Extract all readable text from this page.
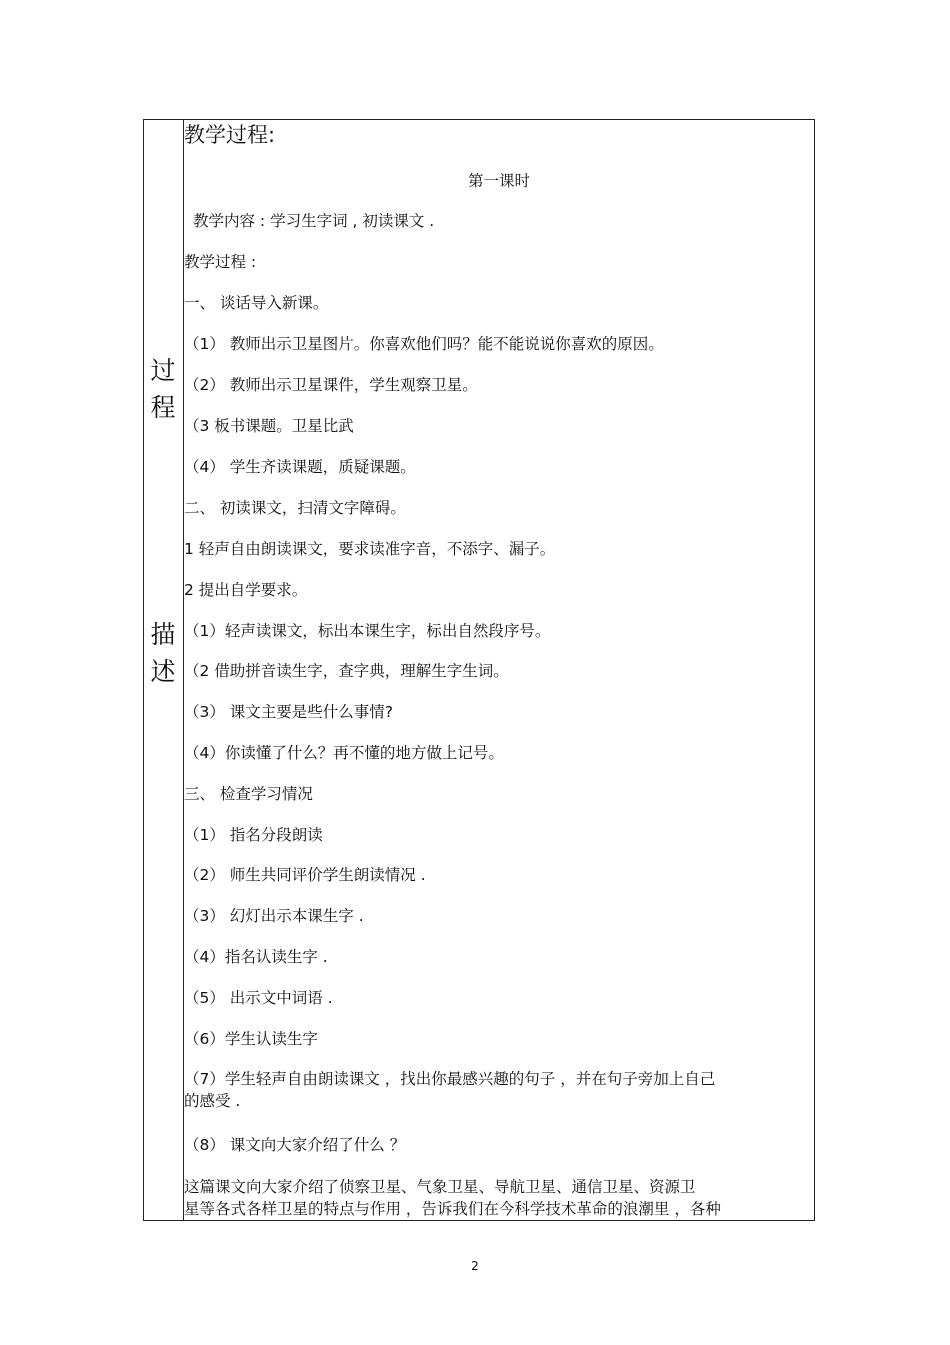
过
程
描
述
教学过程:
第一课时
教学内容 : 学习生字词 , 初读课文 .
教学过程 :
一、 谈话导入新课。
（1） 教师出示卫星图片。你喜欢他们吗？能不能说说你喜欢的原因。
（2） 教师出示卫星课件，学生观察卫星。
（3 板书课题。卫星比武
（4） 学生齐读课题，质疑课题。
二、 初读课文，扫清文字障碍。
1 轻声自由朗读课文，要求读准字音，不添字、漏子。
2 提出自学要求。
（1）轻声读课文，标出本课生字，标出自然段序号。
（2 借助拼音读生字，查字典，理解生字生词。
（3） 课文主要是些什么事情?
（4）你读懂了什么？再不懂的地方做上记号。
三、 检查学习情况
（1） 指名分段朗读
（2） 师生共同评价学生朗读情况 .
（3） 幻灯出示本课生字 .
（4）指名认读生字 .
（5） 出示文中词语 .
（6）学生认读生字
（7）学生轻声自由朗读课文 ，找出你最感兴趣的句子 ，并在句子旁加上自己
的感受 .
（8） 课文向大家介绍了什么 ？
这篇课文向大家介绍了侦察卫星、气象卫星、导航卫星、通信卫星、资源卫
星等各式各样卫星的特点与作用 ，告诉我们在今科学技术革命的浪潮里 ，各种
2
